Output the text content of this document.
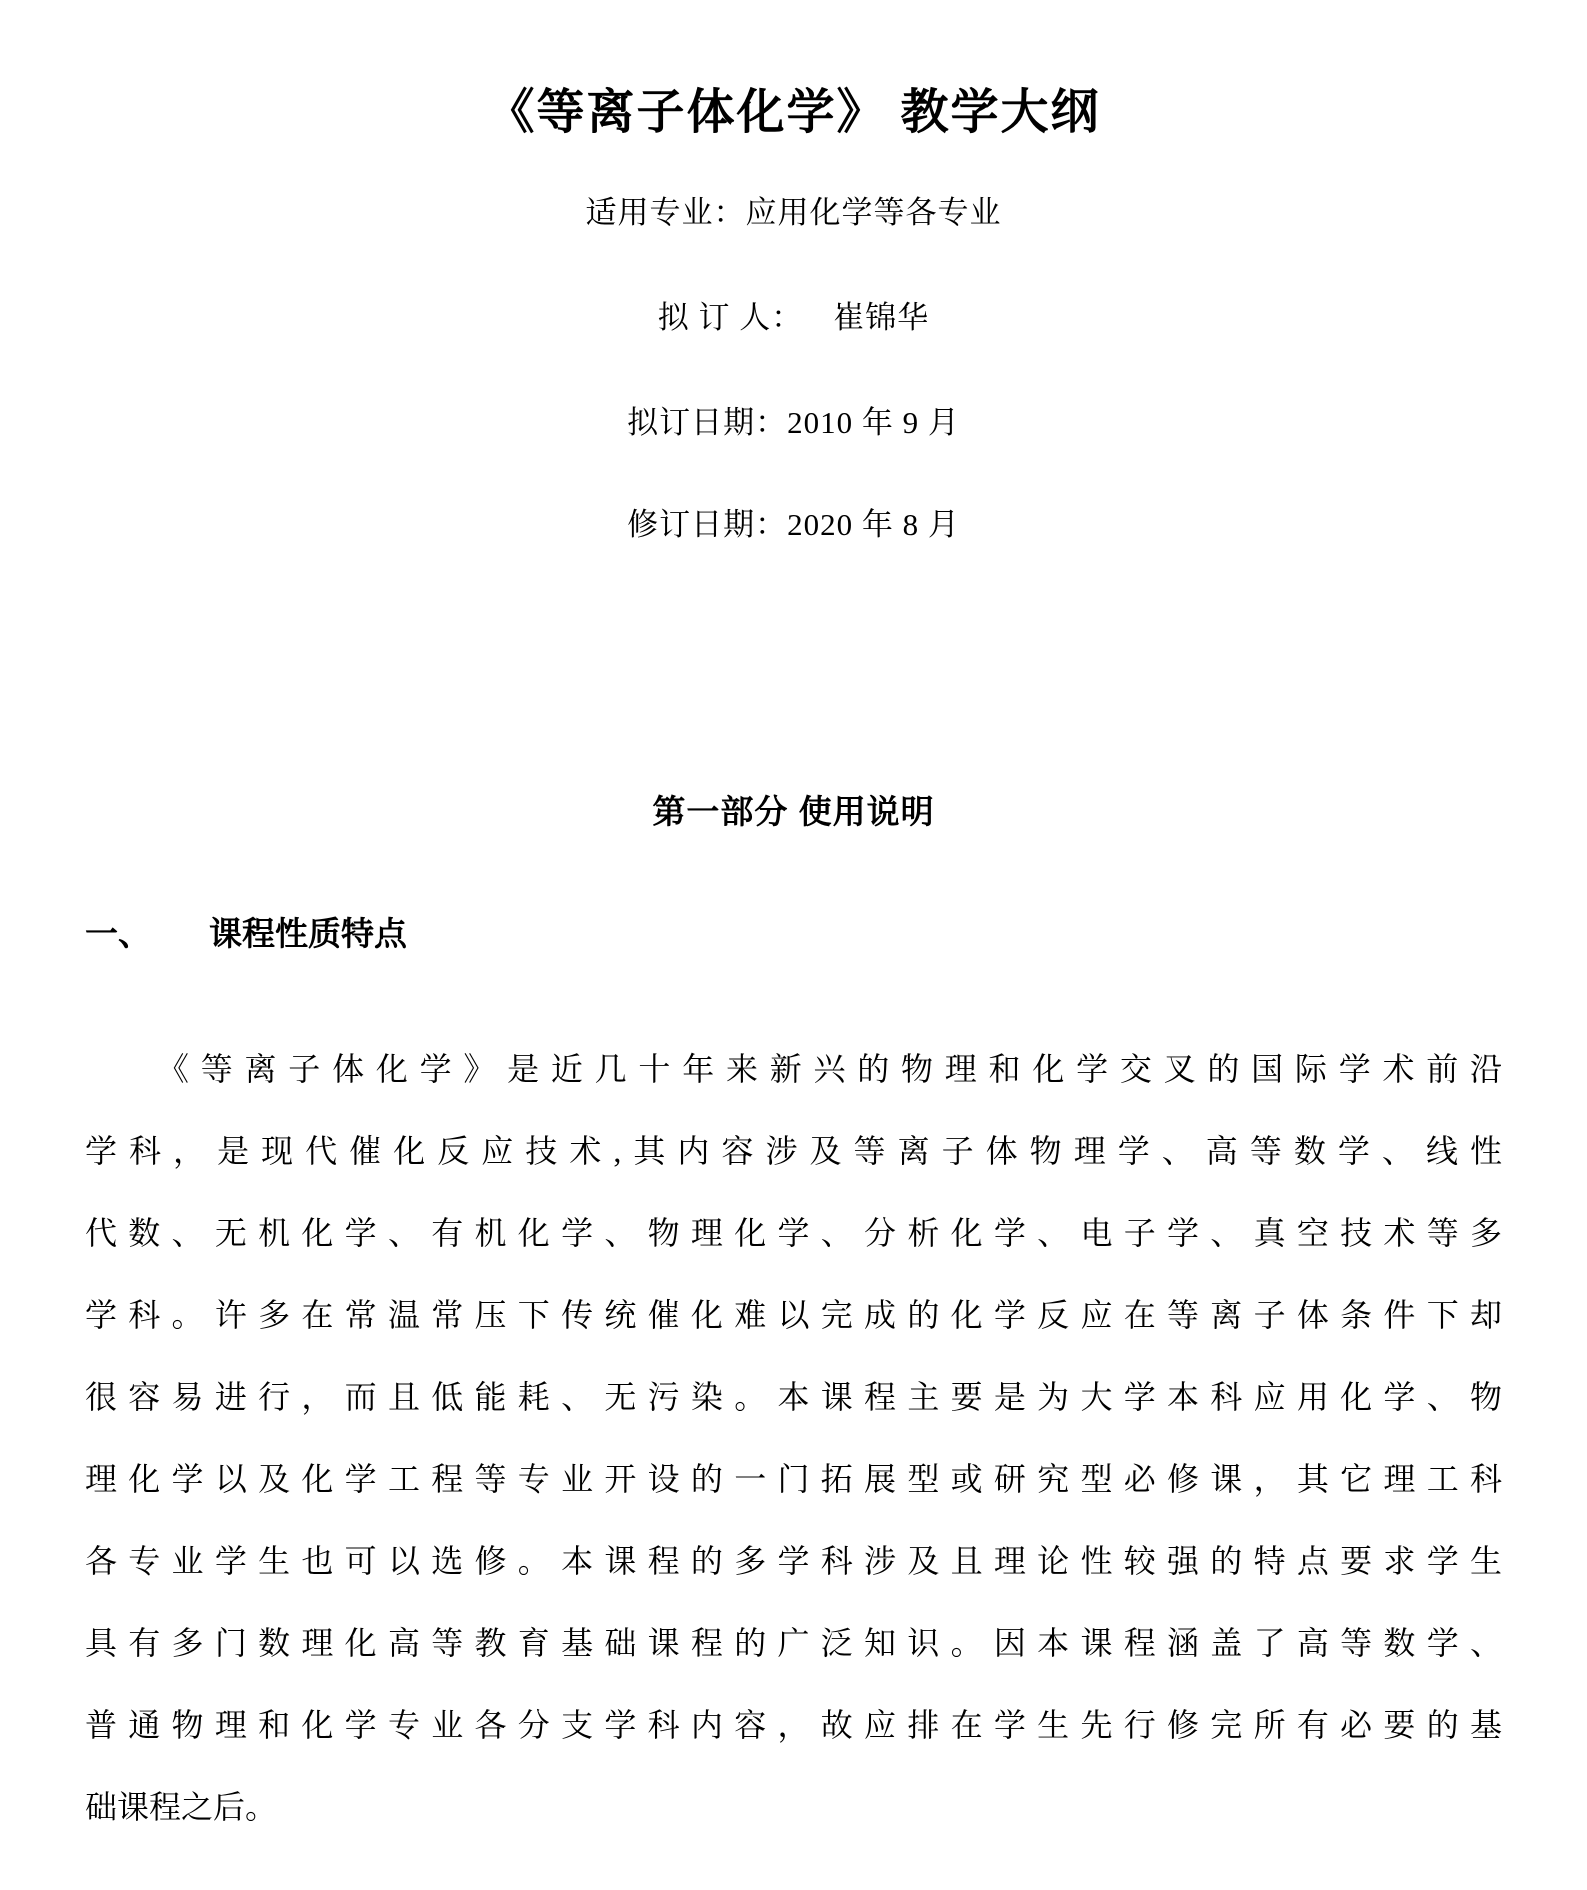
《等离子体化学》 教学大纲
适用专业：应用化学等各专业
拟 订 人： 崔锦华
拟订日期：2010 年 9 月
修订日期：2020 年 8 月
第一部分 使用说明
一、 课程性质特点
《等离子体化学》是近几十年来新兴的物理和化学交叉的国际学术前沿
学科，是现代催化反应技术,其内容涉及等离子体物理学、高等数学、线性
代数、无机化学、有机化学、物理化学、分析化学、电子学、真空技术等多
学科。许多在常温常压下传统催化难以完成的化学反应在等离子体条件下却
很容易进行，而且低能耗、无污染。本课程主要是为大学本科应用化学、物
理化学以及化学工程等专业开设的一门拓展型或研究型必修课，其它理工科
各专业学生也可以选修。本课程的多学科涉及且理论性较强的特点要求学生
具有多门数理化高等教育基础课程的广泛知识。因本课程涵盖了高等数学、
普通物理和化学专业各分支学科内容，故应排在学生先行修完所有必要的基
础课程之后。
